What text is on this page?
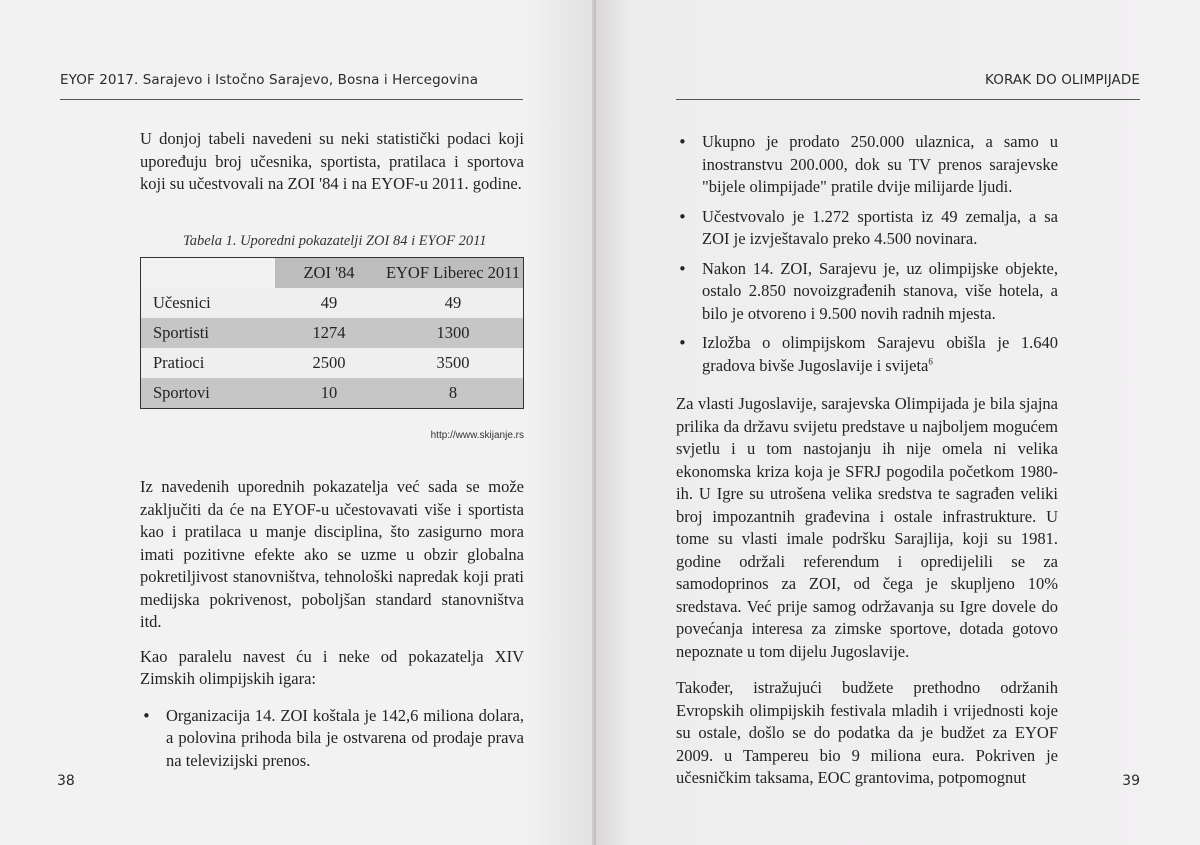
EYOF 2017. Sarajevo i Istočno Sarajevo, Bosna i Hercegovina

U donjoj tabeli navedeni su neki statistički podaci koji upoređuju broj učesnika, sportista, pratilaca i sportova koji su učestvovali na ZOI '84 i na EYOF-u 2011. godine.

Tabela 1. Uporedni pokazatelji ZOI 84 i EYOF 2011
	ZOI '84	EYOF Liberec 2011
Učesnici	49	49
Sportisti	1274	1300
Pratioci	2500	3500
Sportovi	10	8
http://www.skijanje.rs

Iz navedenih uporednih pokazatelja već sada se može zaključiti da će na EYOF-u učestovavati više i sportista kao i pratilaca u manje disciplina, što zasigurno mora imati pozitivne efekte ako se uzme u obzir globalna pokretiljivost stanovništva, tehnološki napredak koji prati medijska pokrivenost, poboljšan standard stanovništva itd.

Kao paralelu navest ću i neke od pokazatelja XIV Zimskih olimpijskih igara:

• Organizacija 14. ZOI koštala je 142,6 miliona dolara, a polovina prihoda bila je ostvarena od prodaje prava na televizijski prenos.
38
KORAK DO OLIMPIJADE
39
• Ukupno je prodato 250.000 ulaznica, a samo u inostranstvu 200.000, dok su TV prenos sarajevske "bijele olimpijade" pratile dvije milijarde ljudi.
• Učestvovalo je 1.272 sportista iz 49 zemalja, a sa ZOI je izvještavalo preko 4.500 novinara.
• Nakon 14. ZOI, Sarajevu je, uz olimpijske objekte, ostalo 2.850 novoizgrađenih stanova, više hotela, a bilo je otvoreno i 9.500 novih radnih mjesta.
• Izložba o olimpijskom Sarajevu obišla je 1.640 gradova bivše Jugoslavije i svijeta$^6$

Za vlasti Jugoslavije, sarajevska Olimpijada je bila sjajna prilika da državu svijetu predstave u najboljem mogućem svjetlu i u tom nastojanju ih nije omela ni velika ekonomska kriza koja je SFRJ pogodila početkom 1980-ih. U Igre su utrošena velika sredstva te sagrađen veliki broj impozantnih građevina i ostale infrastrukture. U tome su vlasti imale podršku Sarajlija, koji su 1981. godine održali referendum i opredijelili se za samodoprinos za ZOI, od čega je skupljeno 10% sredstava. Već prije samog održavanja su Igre dovele do povećanja interesa za zimske sportove, dotada gotovo nepoznate u tom dijelu Jugoslavije.

Također, istražujući budžete prethodno održanih Evropskih olimpijskih festivala mladih i vrijednosti koje su ostale, došlo se do podatka da je budžet za EYOF 2009. u Tampereu bio 9 miliona eura. Pokriven je učesničkim taksama, EOC grantovima, potpomognut
